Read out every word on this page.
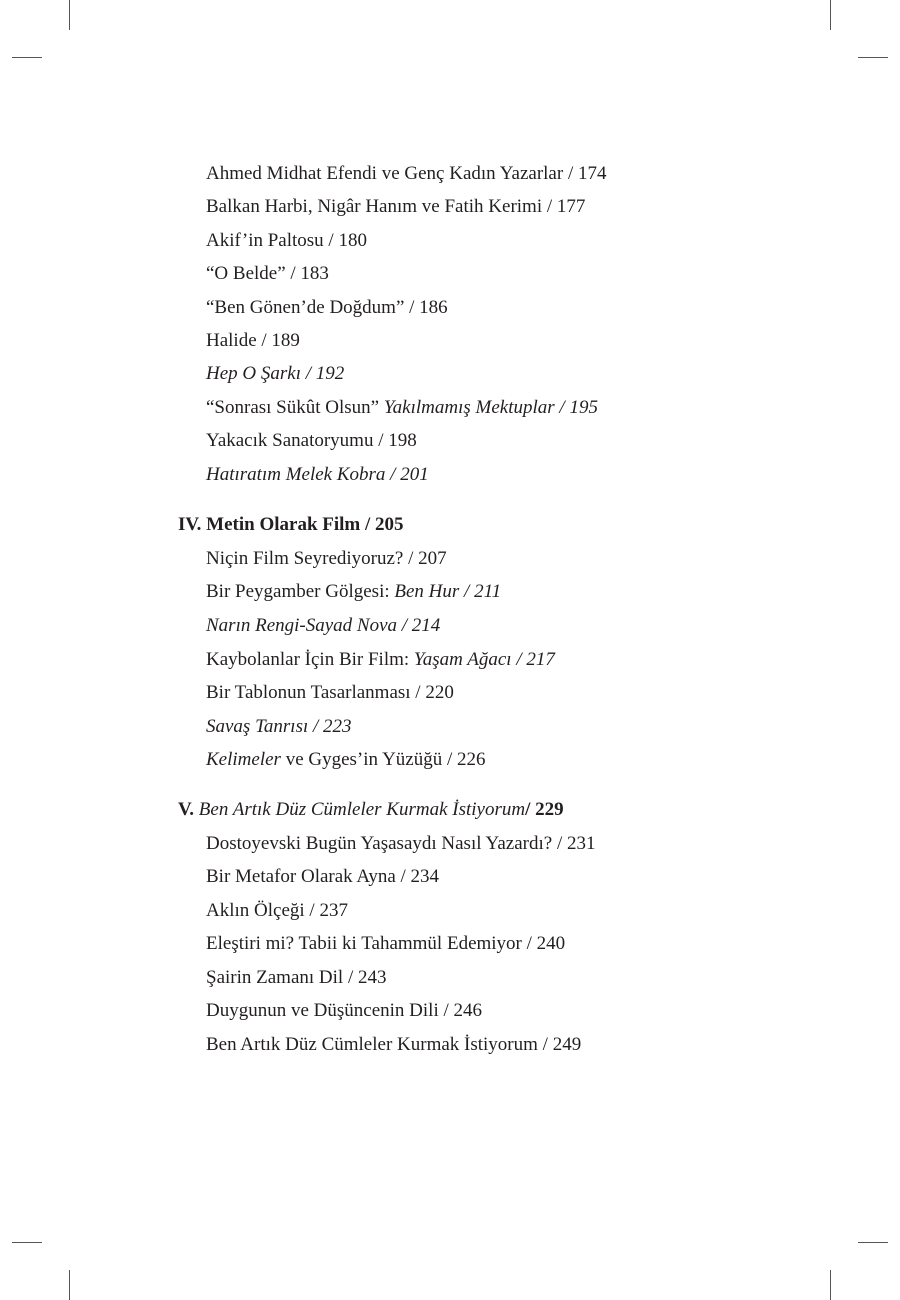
Ahmed Midhat Efendi ve Genç Kadın Yazarlar / 174
Balkan Harbi, Nigâr Hanım ve Fatih Kerimi / 177
Akif’in Paltosu / 180
“O Belde” / 183
“Ben Gönen’de Doğdum” / 186
Halide / 189
Hep O Şarkı / 192
“Sonrası Sükût Olsun” Yakılmamış Mektuplar / 195
Yakacık Sanatoryumu / 198
Hatıratım Melek Kobra / 201
IV. Metin Olarak Film / 205
Niçin Film Seyrediyoruz? / 207
Bir Peygamber Gölgesi: Ben Hur / 211
Narın Rengi-Sayad Nova / 214
Kaybolanlar İçin Bir Film: Yaşam Ağacı / 217
Bir Tablonun Tasarlanması / 220
Savaş Tanrısı / 223
Kelimeler ve Gyges’in Yüzüğü / 226
V. Ben Artık Düz Cümleler Kurmak İstiyorum/ 229
Dostoyevski Bugün Yaşasaydı Nasıl Yazardı? / 231
Bir Metafor Olarak Ayna / 234
Aklın Ölçeği / 237
Eleştiri mi? Tabii ki Tahammül Edemiyor / 240
Şairin Zamanı Dil / 243
Duygunun ve Düşüncenin Dili / 246
Ben Artık Düz Cümleler Kurmak İstiyorum / 249
